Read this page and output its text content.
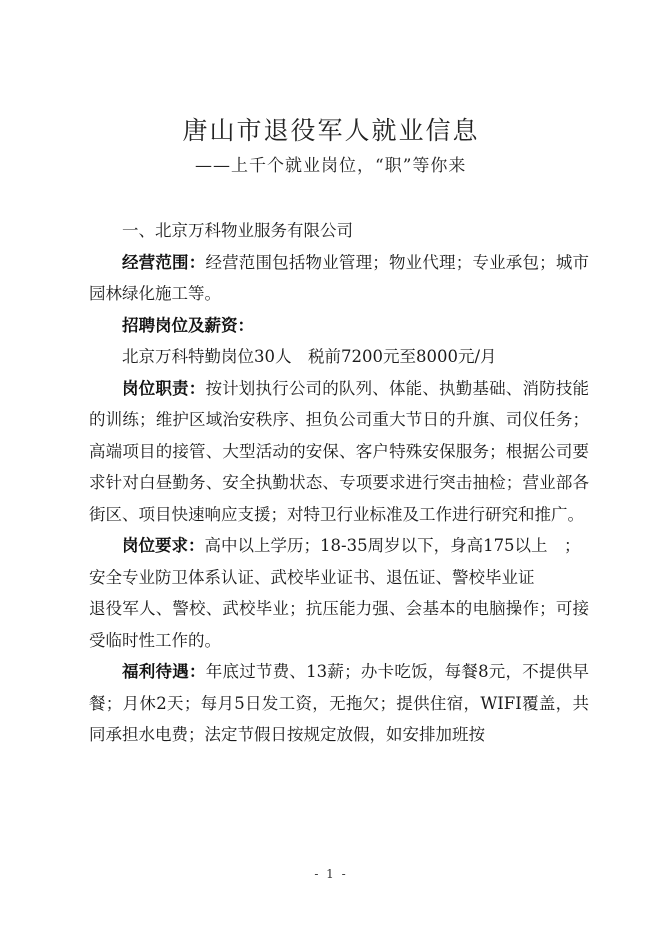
唐山市退役军人就业信息
——上千个就业岗位，“职”等你来

一、北京万科物业服务有限公司

经营范围：经营范围包括物业管理；物业代理；专业承包；城市园林绿化施工等。

招聘岗位及薪资：

北京万科特勤岗位30人　税前7200元至8000元/月

岗位职责：按计划执行公司的队列、体能、执勤基础、消防技能的训练；维护区域治安秩序、担负公司重大节日的升旗、司仪任务；高端项目的接管、大型活动的安保、客户特殊安保服务；根据公司要求针对白昼勤务、安全执勤状态、专项要求进行突击抽检；营业部各街区、项目快速响应支援；对特卫行业标准及工作进行研究和推广。

岗位要求：高中以上学历；18-35周岁以下，身高175以上　；

安全专业防卫体系认证、武校毕业证书、退伍证、警校毕业证

退役军人、警校、武校毕业；抗压能力强、会基本的电脑操作；可接受临时性工作的。

福利待遇：年底过节费、13薪；办卡吃饭，每餐8元，不提供早餐；月休2天；每月5日发工资，无拖欠；提供住宿，WIFI覆盖，共同承担水电费；法定节假日按规定放假，如安排加班按

- 1 -
